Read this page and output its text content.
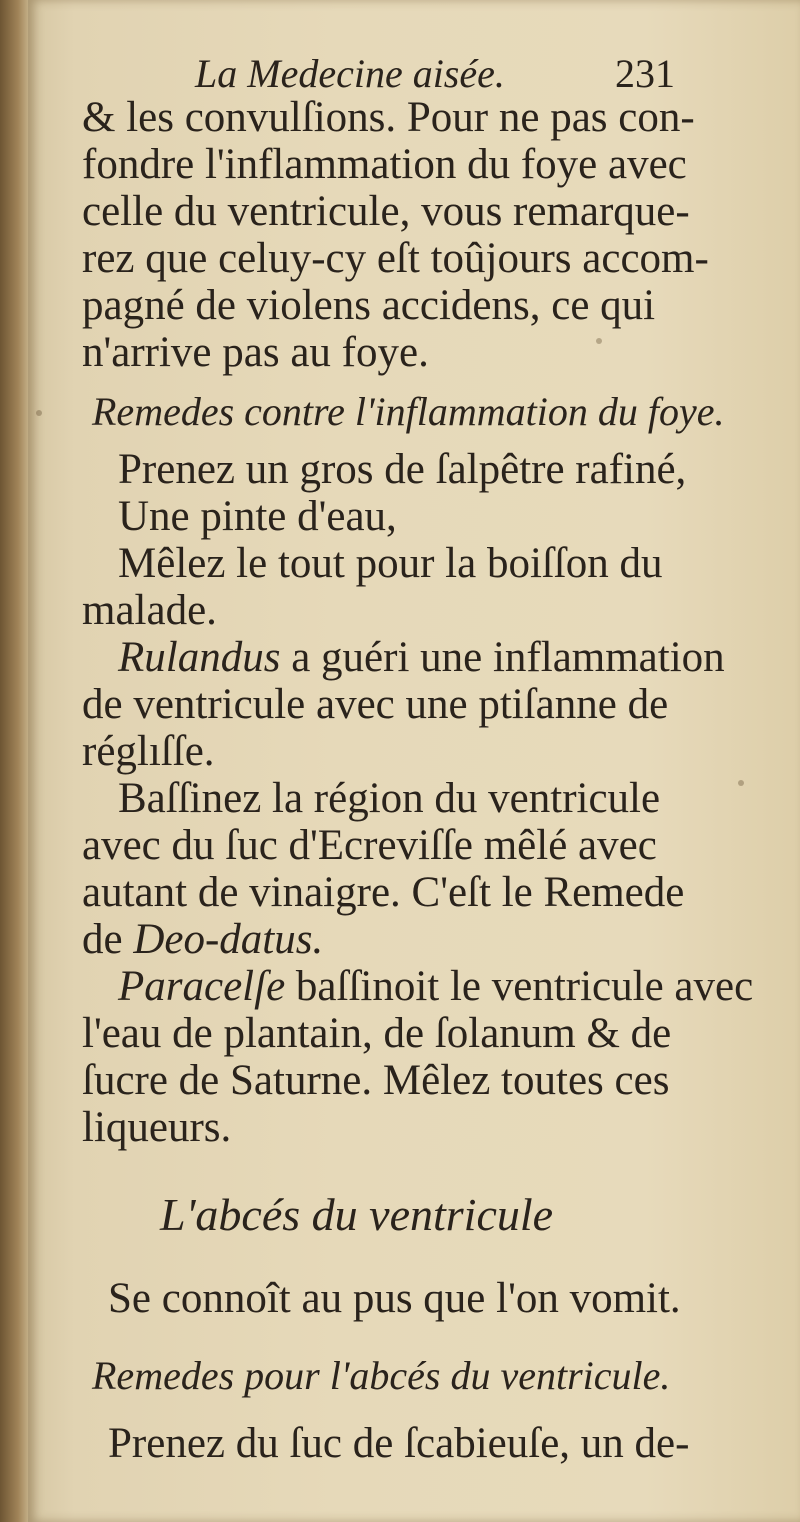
La Medecine aisée.	231
& les convulſions. Pour ne pas con-
fondre l'inflammation du foye avec
celle du ventricule, vous remarque-
rez que celuy-cy eſt toûjours accom-
pagné de violens accidens, ce qui
n'arrive pas au foye.
Remedes contre l'inflammation du foye.
Prenez un gros de ſalpêtre rafiné,
Une pinte d'eau,
Mêlez le tout pour la boiſſon du
malade.
Rulandus a guéri une inflammation
de ventricule avec une ptiſanne de
réglıſſe.
Baſſinez la région du ventricule
avec du ſuc d'Ecreviſſe mêlé avec
autant de vinaigre. C'eſt le Remede
de Deo-datus.
Paracelſe baſſinoit le ventricule avec
l'eau de plantain, de ſolanum & de
ſucre de Saturne. Mêlez toutes ces
liqueurs.
L'abcés du ventricule
Se connoît au pus que l'on vomit.
Remedes pour l'abcés du ventricule.
Prenez du ſuc de ſcabieuſe, un de-
